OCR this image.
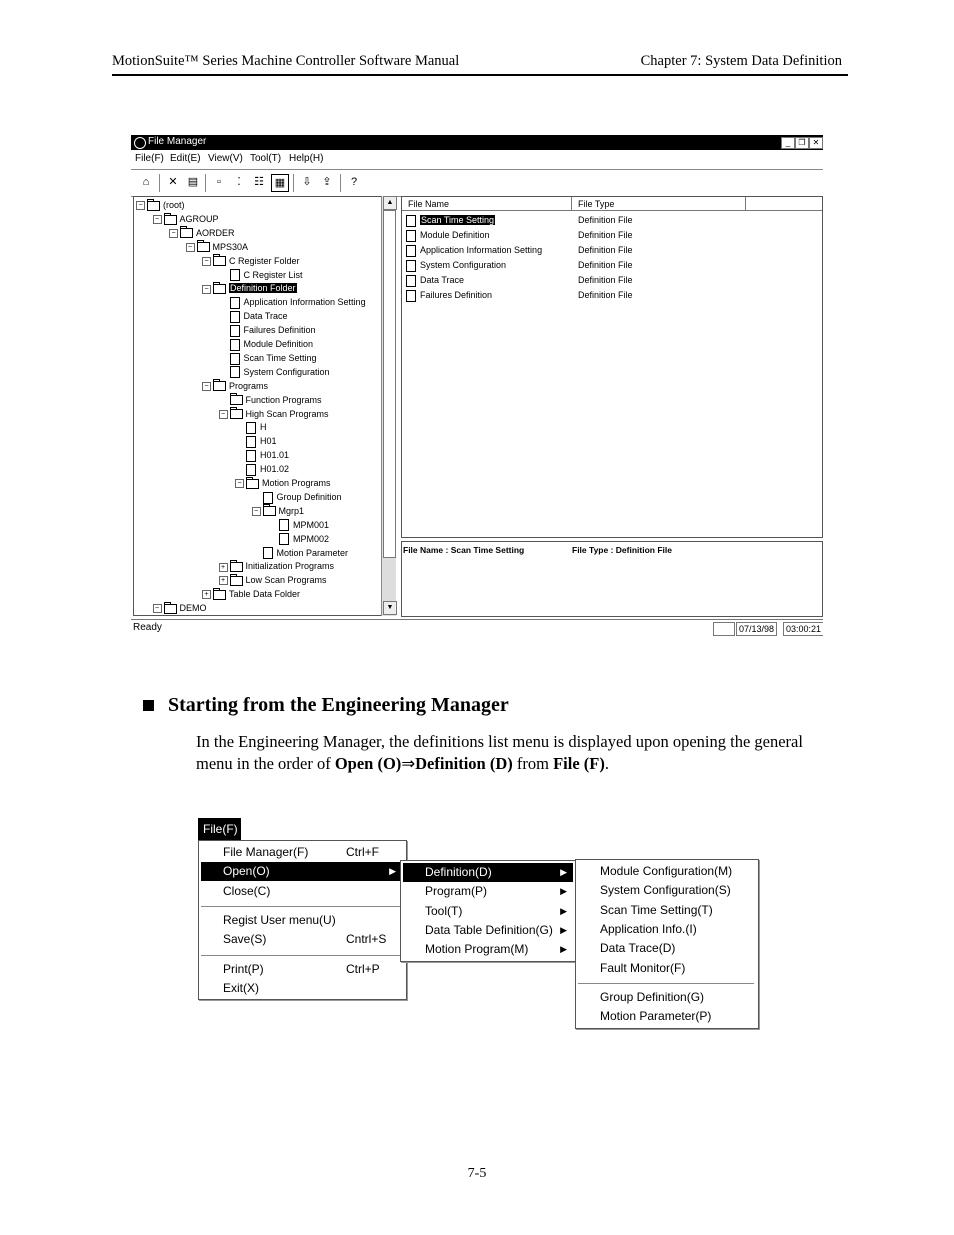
MotionSuite™ Series Machine Controller Software Manual	Chapter 7: System Data Definition
File Manager	_	❐ ✕
File(F) Edit(E) View(V) Tool(T) Help(H)
⌂	✕ ▤	▫	⁚	☷ ▦	⇩ ⇪	?
− (root)
− AGROUP
− AORDER
− MPS30A
− C Register Folder
C Register List
− Definition Folder
Application Information Setting
Data Trace
Failures Definition
Module Definition
Scan Time Setting
System Configuration
− Programs
Function Programs
− High Scan Programs
H
H01
H01.01
H01.02
− Motion Programs
Group Definition
− Mgrp1
MPM001
MPM002
Motion Parameter
+ Initialization Programs
+ Low Scan Programs
+ Table Data Folder
− DEMO
▲
▼
File Name	File Type
Scan Time Setting	Definition File
Module Definition	Definition File
Application Information Setting	Definition File
System Configuration	Definition File
Data Trace	Definition File
Failures Definition	Definition File
File Name : Scan Time Setting	File Type : Definition File
Ready	07/13/98	03:00:21
Starting from the Engineering Manager
In the Engineering Manager, the definitions list menu is displayed upon opening the general menu in the order of Open (O)⇒Definition (D) from File (F).
File(F)
File Manager(F)	Ctrl+F
Open(O)	▶
Close(C)
Regist User menu(U)
Save(S)	Cntrl+S
Print(P)	Ctrl+P
Exit(X)
Definition(D)	▶
Program(P)	▶
Tool(T)	▶
Data Table Definition(G) ▶
Motion Program(M)	▶
Module Configuration(M)
System Configuration(S)
Scan Time Setting(T)
Application Info.(I)
Data Trace(D)
Fault Monitor(F)
Group Definition(G)
Motion Parameter(P)
7-5
